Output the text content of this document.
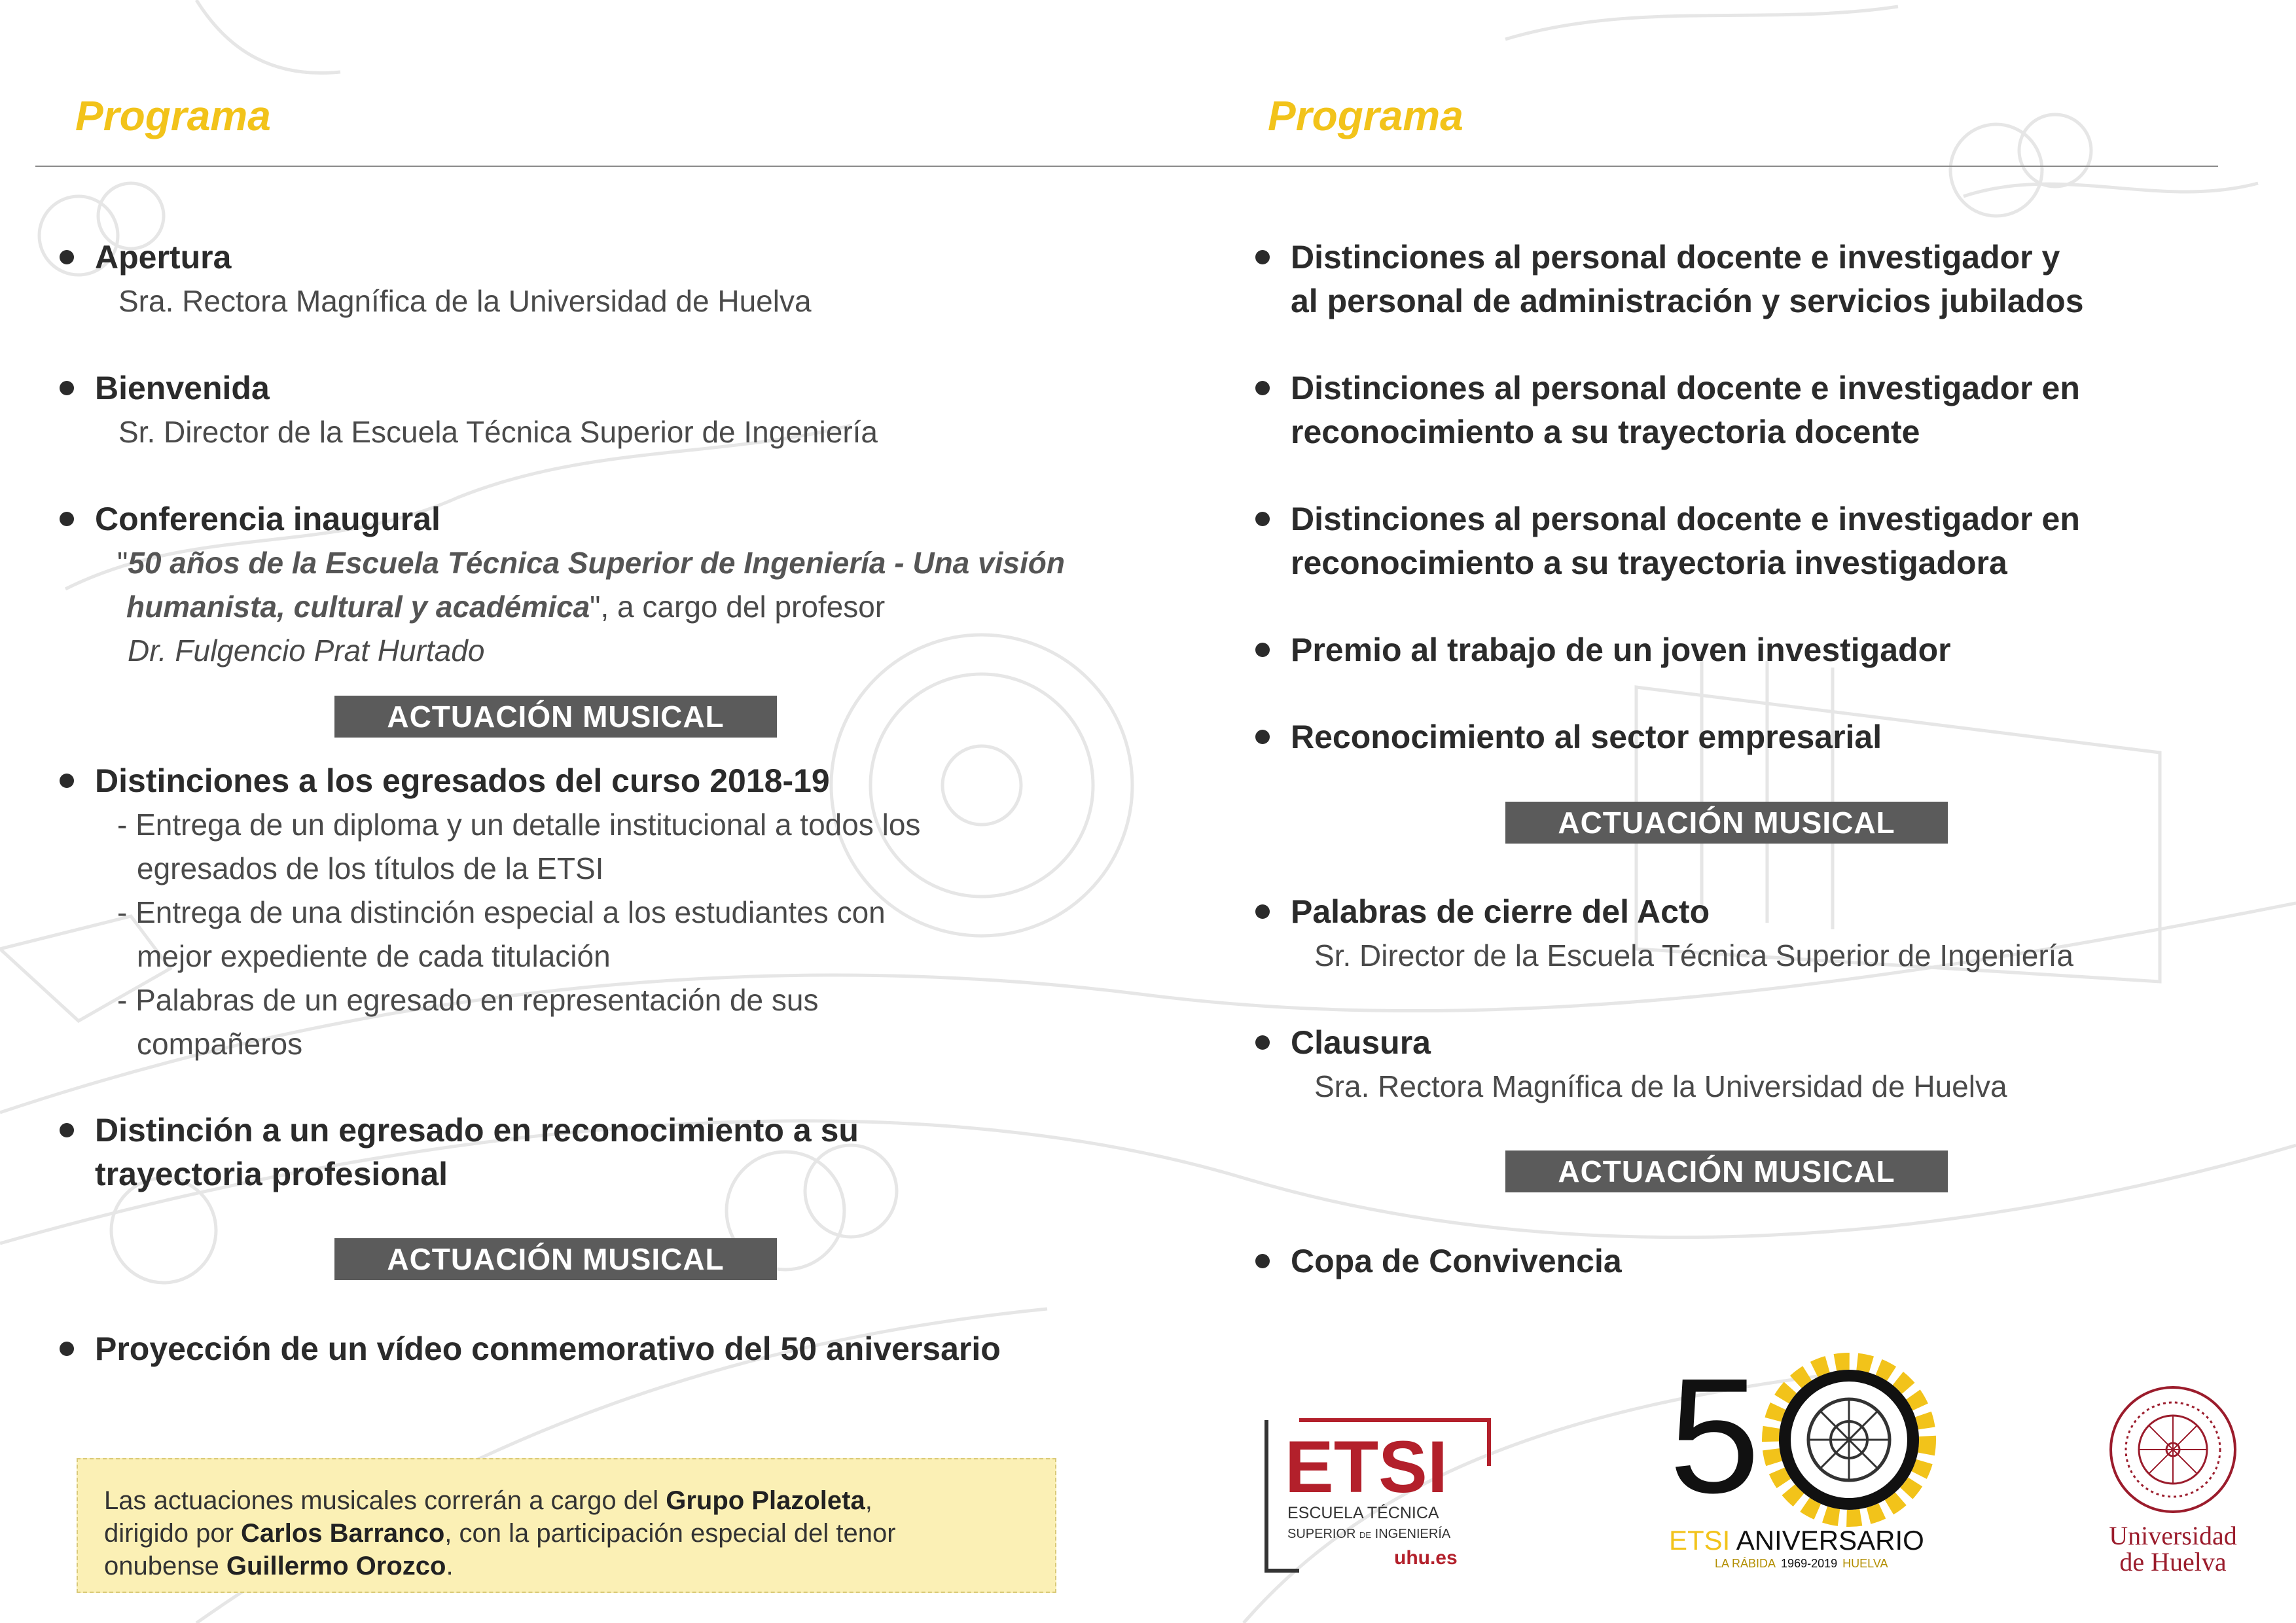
Programa	Programa
Apertura
Sra. Rectora Magnífica de la Universidad de Huelva
Bienvenida
Sr. Director de la Escuela Técnica Superior de Ingeniería
Conferencia inaugural
"50 años de la Escuela Técnica Superior de Ingeniería - Una visión
humanista, cultural y académica", a cargo del profesor
Dr. Fulgencio Prat Hurtado
ACTUACIÓN MUSICAL
Distinciones a los egresados del curso 2018-19
- Entrega de un diploma y un detalle institucional a todos los
egresados de los títulos de la ETSI
- Entrega de una distinción especial a los estudiantes con
mejor expediente de cada titulación
- Palabras de un egresado en representación de sus
compañeros
Distinción a un egresado en reconocimiento a su
trayectoria profesional
ACTUACIÓN MUSICAL
Proyección de un vídeo conmemorativo del 50 aniversario
Las actuaciones musicales correrán a cargo del Grupo Plazoleta,
dirigido por Carlos Barranco, con la participación especial del tenor
onubense Guillermo Orozco.
Distinciones al personal docente e investigador y
al personal de administración y servicios jubilados
Distinciones al personal docente e investigador en
reconocimiento a su trayectoria docente
Distinciones al personal docente e investigador en
reconocimiento a su trayectoria investigadora
Premio al trabajo de un joven investigador
Reconocimiento al sector empresarial
ACTUACIÓN MUSICAL
Palabras de cierre del Acto
Sr. Director de la Escuela Técnica Superior de Ingeniería
Clausura
Sra. Rectora Magnífica de la Universidad de Huelva
ACTUACIÓN MUSICAL
Copa de Convivencia
ETSI
ESCUELA TÉCNICA
SUPERIOR DE INGENIERÍA
uhu.es
5
ETSI ANIVERSARIO
LA RÁBIDA 1969-2019 HUELVA
Universidad
de Huelva
